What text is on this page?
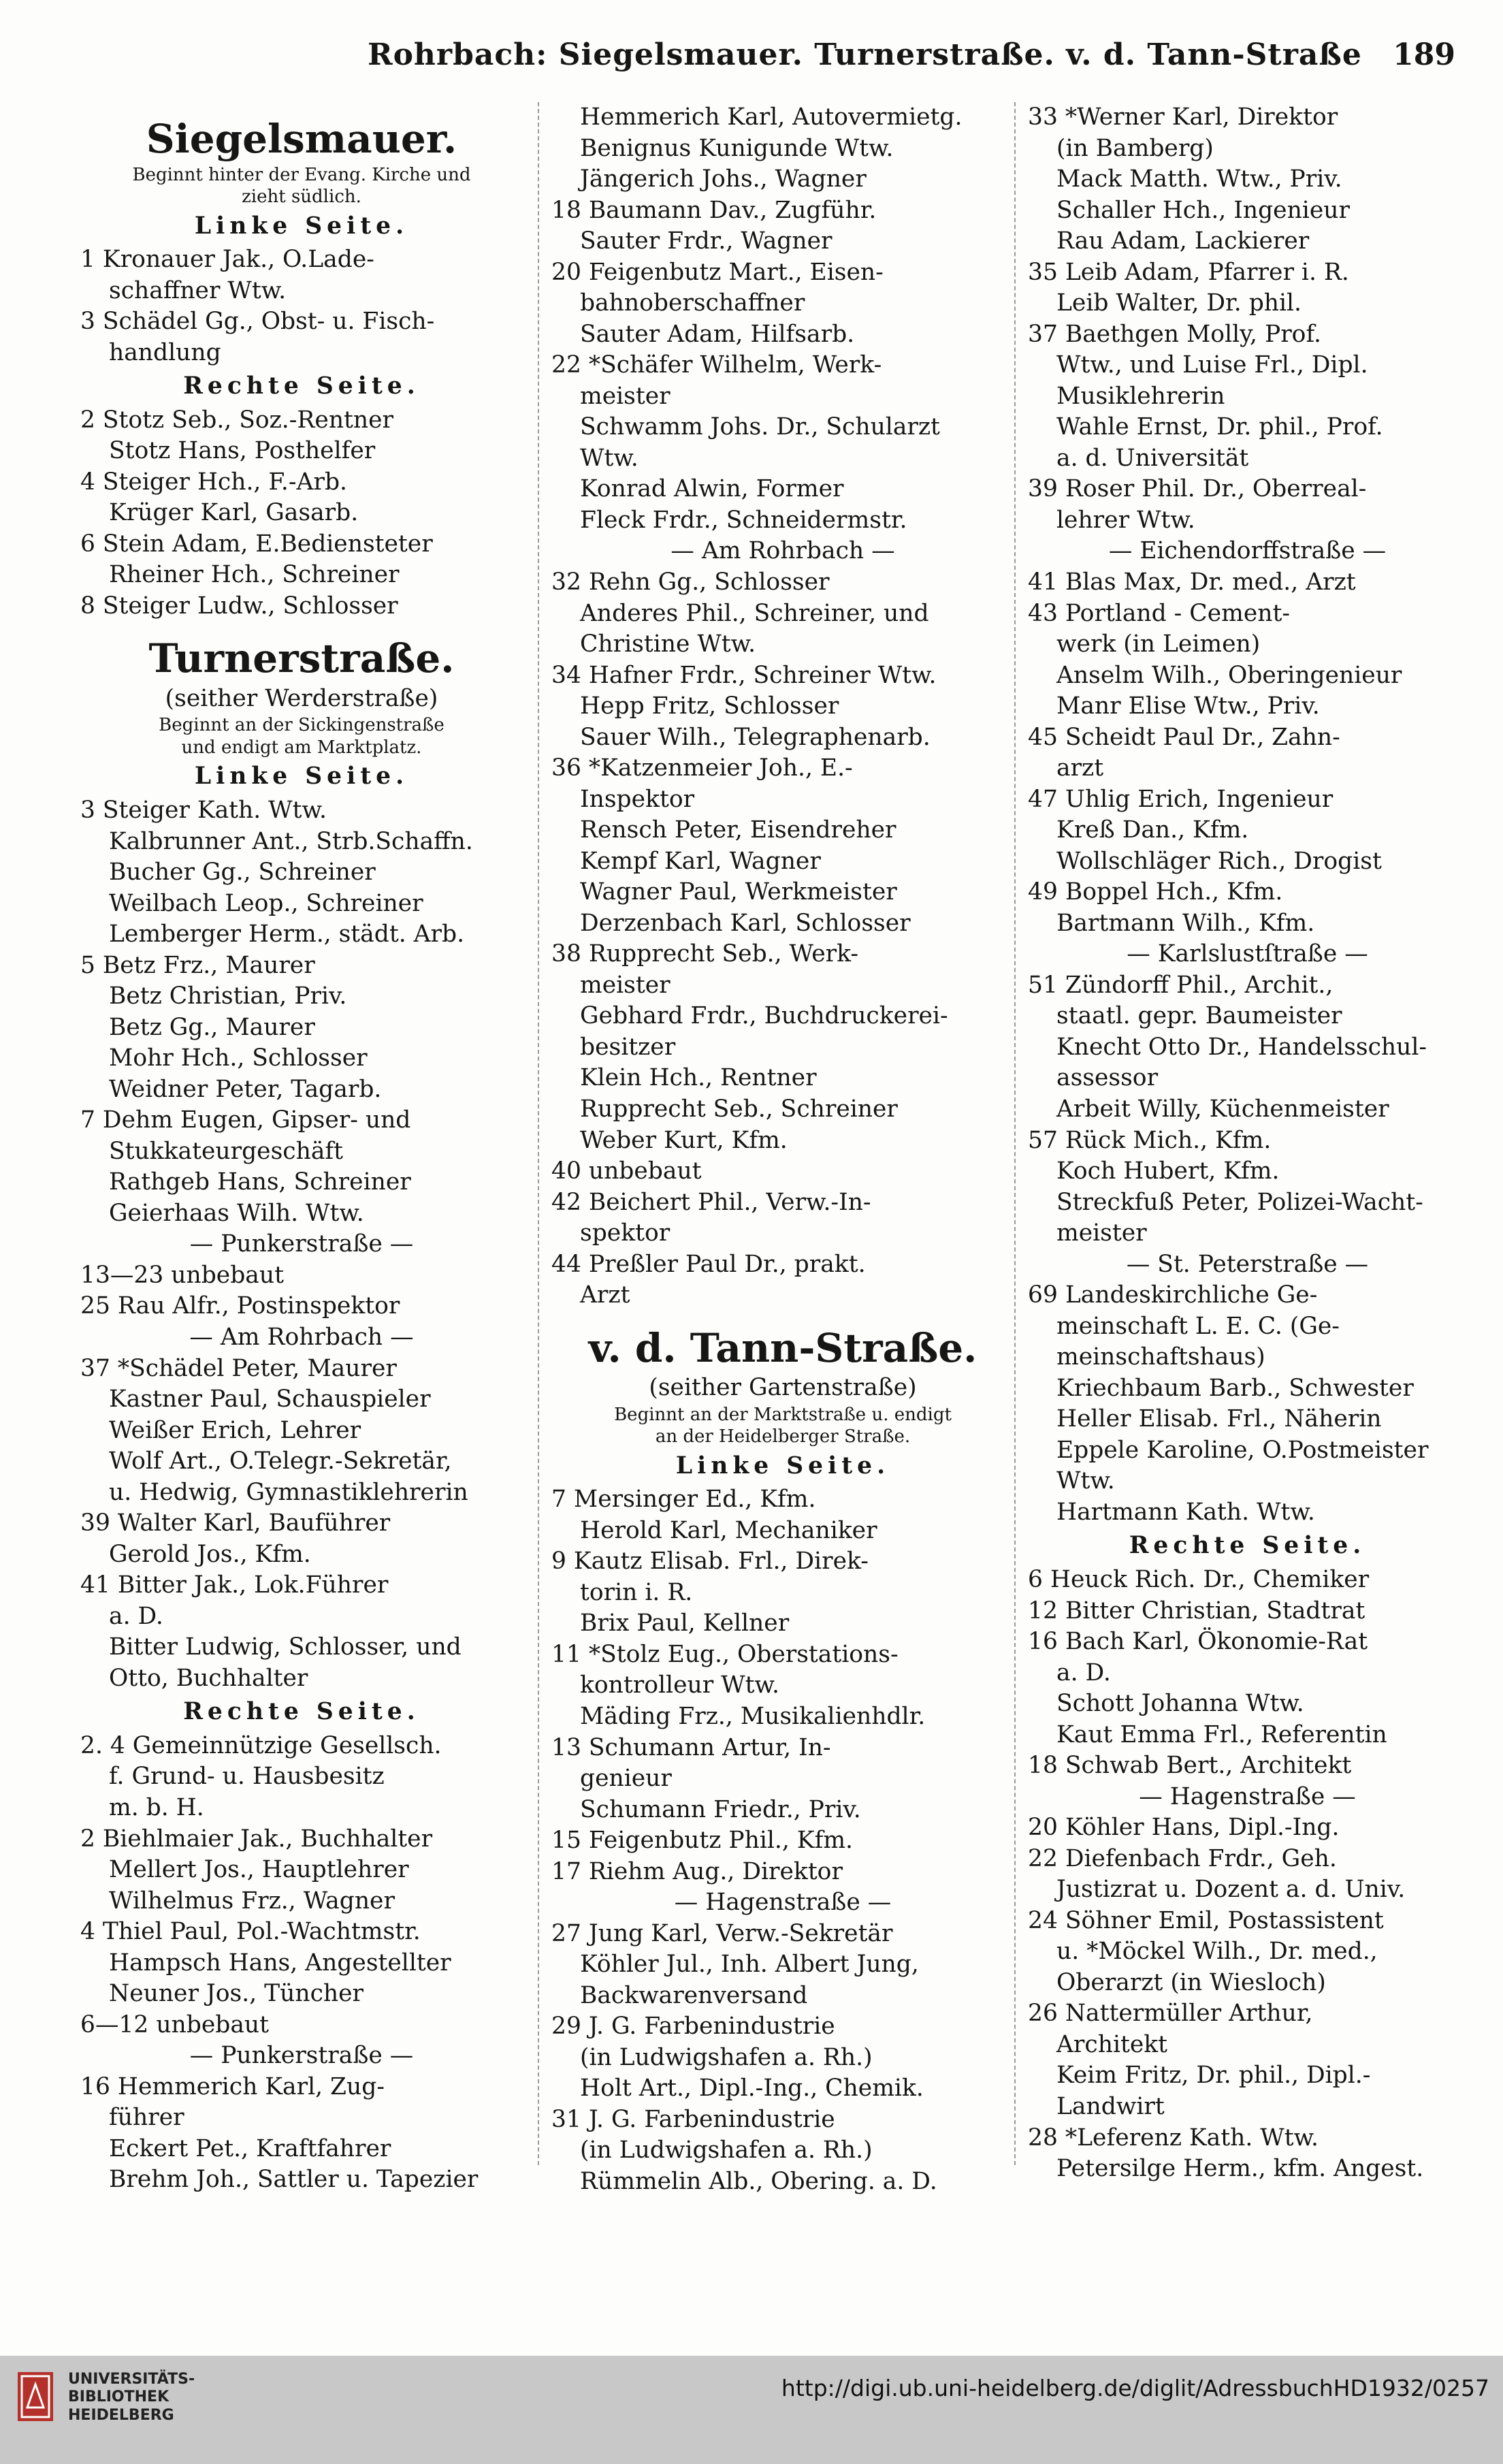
Rohrbach: Siegelsmauer. Turnerstraße. v. d. Tann-Straße 189
Siegelsmauer.
Beginnt hinter der Evang. Kirche und
zieht südlich.
Linke Seite.
1 Kronauer Jak., O.Lade-
schaffner Wtw.
3 Schädel Gg., Obst- u. Fisch-
handlung
Rechte Seite.
2 Stotz Seb., Soz.-Rentner
Stotz Hans, Posthelfer
4 Steiger Hch., F.-Arb.
Krüger Karl, Gasarb.
6 Stein Adam, E.Bediensteter
Rheiner Hch., Schreiner
8 Steiger Ludw., Schlosser
Turnerstraße.
(seither Werderstraße)
Beginnt an der Sickingenstraße
und endigt am Marktplatz.
Linke Seite.
3 Steiger Kath. Wtw.
Kalbrunner Ant., Strb.Schaffn.
Bucher Gg., Schreiner
Weilbach Leop., Schreiner
Lemberger Herm., städt. Arb.
5 Betz Frz., Maurer
Betz Christian, Priv.
Betz Gg., Maurer
Mohr Hch., Schlosser
Weidner Peter, Tagarb.
7 Dehm Eugen, Gipser- und
Stukkateurgeschäft
Rathgeb Hans, Schreiner
Geierhaas Wilh. Wtw.
— Punkerstraße —
13—23 unbebaut
25 Rau Alfr., Postinspektor
— Am Rohrbach —
37 *Schädel Peter, Maurer
Kastner Paul, Schauspieler
Weißer Erich, Lehrer
Wolf Art., O.Telegr.-Sekretär,
u. Hedwig, Gymnastiklehrerin
39 Walter Karl, Bauführer
Gerold Jos., Kfm.
41 Bitter Jak., Lok.Führer
a. D.
Bitter Ludwig, Schlosser, und
Otto, Buchhalter
Rechte Seite.
2. 4 Gemeinnützige Gesellsch.
f. Grund- u. Hausbesitz
m. b. H.
2 Biehlmaier Jak., Buchhalter
Mellert Jos., Hauptlehrer
Wilhelmus Frz., Wagner
4 Thiel Paul, Pol.-Wachtmstr.
Hampsch Hans, Angestellter
Neuner Jos., Tüncher
6—12 unbebaut
— Punkerstraße —
16 Hemmerich Karl, Zug-
führer
Eckert Pet., Kraftfahrer
Brehm Joh., Sattler u. Tapezier
Hemmerich Karl, Autovermietg.
Benignus Kunigunde Wtw.
Jängerich Johs., Wagner
18 Baumann Dav., Zugführ.
Sauter Frdr., Wagner
20 Feigenbutz Mart., Eisen-
bahnoberschaffner
Sauter Adam, Hilfsarb.
22 *Schäfer Wilhelm, Werk-
meister
Schwamm Johs. Dr., Schularzt
Wtw.
Konrad Alwin, Former
Fleck Frdr., Schneidermstr.
— Am Rohrbach —
32 Rehn Gg., Schlosser
Anderes Phil., Schreiner, und
Christine Wtw.
34 Hafner Frdr., Schreiner Wtw.
Hepp Fritz, Schlosser
Sauer Wilh., Telegraphenarb.
36 *Katzenmeier Joh., E.-
Inspektor
Rensch Peter, Eisendreher
Kempf Karl, Wagner
Wagner Paul, Werkmeister
Derzenbach Karl, Schlosser
38 Rupprecht Seb., Werk-
meister
Gebhard Frdr., Buchdruckerei-
besitzer
Klein Hch., Rentner
Rupprecht Seb., Schreiner
Weber Kurt, Kfm.
40 unbebaut
42 Beichert Phil., Verw.-In-
spektor
44 Preßler Paul Dr., prakt.
Arzt
v. d. Tann-Straße.
(seither Gartenstraße)
Beginnt an der Marktstraße u. endigt
an der Heidelberger Straße.
Linke Seite.
7 Mersinger Ed., Kfm.
Herold Karl, Mechaniker
9 Kautz Elisab. Frl., Direk-
torin i. R.
Brix Paul, Kellner
11 *Stolz Eug., Oberstations-
kontrolleur Wtw.
Mäding Frz., Musikalienhdlr.
13 Schumann Artur, In-
genieur
Schumann Friedr., Priv.
15 Feigenbutz Phil., Kfm.
17 Riehm Aug., Direktor
— Hagenstraße —
27 Jung Karl, Verw.-Sekretär
Köhler Jul., Inh. Albert Jung,
Backwarenversand
29 J. G. Farbenindustrie
(in Ludwigshafen a. Rh.)
Holt Art., Dipl.-Ing., Chemik.
31 J. G. Farbenindustrie
(in Ludwigshafen a. Rh.)
Rümmelin Alb., Obering. a. D.
33 *Werner Karl, Direktor
(in Bamberg)
Mack Matth. Wtw., Priv.
Schaller Hch., Ingenieur
Rau Adam, Lackierer
35 Leib Adam, Pfarrer i. R.
Leib Walter, Dr. phil.
37 Baethgen Molly, Prof.
Wtw., und Luise Frl., Dipl.
Musiklehrerin
Wahle Ernst, Dr. phil., Prof.
a. d. Universität
39 Roser Phil. Dr., Oberreal-
lehrer Wtw.
— Eichendorffstraße —
41 Blas Max, Dr. med., Arzt
43 Portland - Cement-
werk (in Leimen)
Anselm Wilh., Oberingenieur
Manr Elise Wtw., Priv.
45 Scheidt Paul Dr., Zahn-
arzt
47 Uhlig Erich, Ingenieur
Kreß Dan., Kfm.
Wollschläger Rich., Drogist
49 Boppel Hch., Kfm.
Bartmann Wilh., Kfm.
— Karlslustſtraße —
51 Zündorff Phil., Archit.,
staatl. gepr. Baumeister
Knecht Otto Dr., Handelsschul-
assessor
Arbeit Willy, Küchenmeister
57 Rück Mich., Kfm.
Koch Hubert, Kfm.
Streckfuß Peter, Polizei-Wacht-
meister
— St. Peterstraße —
69 Landeskirchliche Ge-
meinschaft L. E. C. (Ge-
meinschaftshaus)
Kriechbaum Barb., Schwester
Heller Elisab. Frl., Näherin
Eppele Karoline, O.Postmeister
Wtw.
Hartmann Kath. Wtw.
Rechte Seite.
6 Heuck Rich. Dr., Chemiker
12 Bitter Christian, Stadtrat
16 Bach Karl, Ökonomie-Rat
a. D.
Schott Johanna Wtw.
Kaut Emma Frl., Referentin
18 Schwab Bert., Architekt
— Hagenstraße —
20 Köhler Hans, Dipl.-Ing.
22 Diefenbach Frdr., Geh.
Justizrat u. Dozent a. d. Univ.
24 Söhner Emil, Postassistent
u. *Möckel Wilh., Dr. med.,
Oberarzt (in Wiesloch)
26 Nattermüller Arthur,
Architekt
Keim Fritz, Dr. phil., Dipl.-
Landwirt
28 *Leferenz Kath. Wtw.
Petersilge Herm., kfm. Angest.
UNIVERSITÄTS-
BIBLIOTHEK
HEIDELBERG
http://digi.ub.uni-heidelberg.de/diglit/AdressbuchHD1932/0257
